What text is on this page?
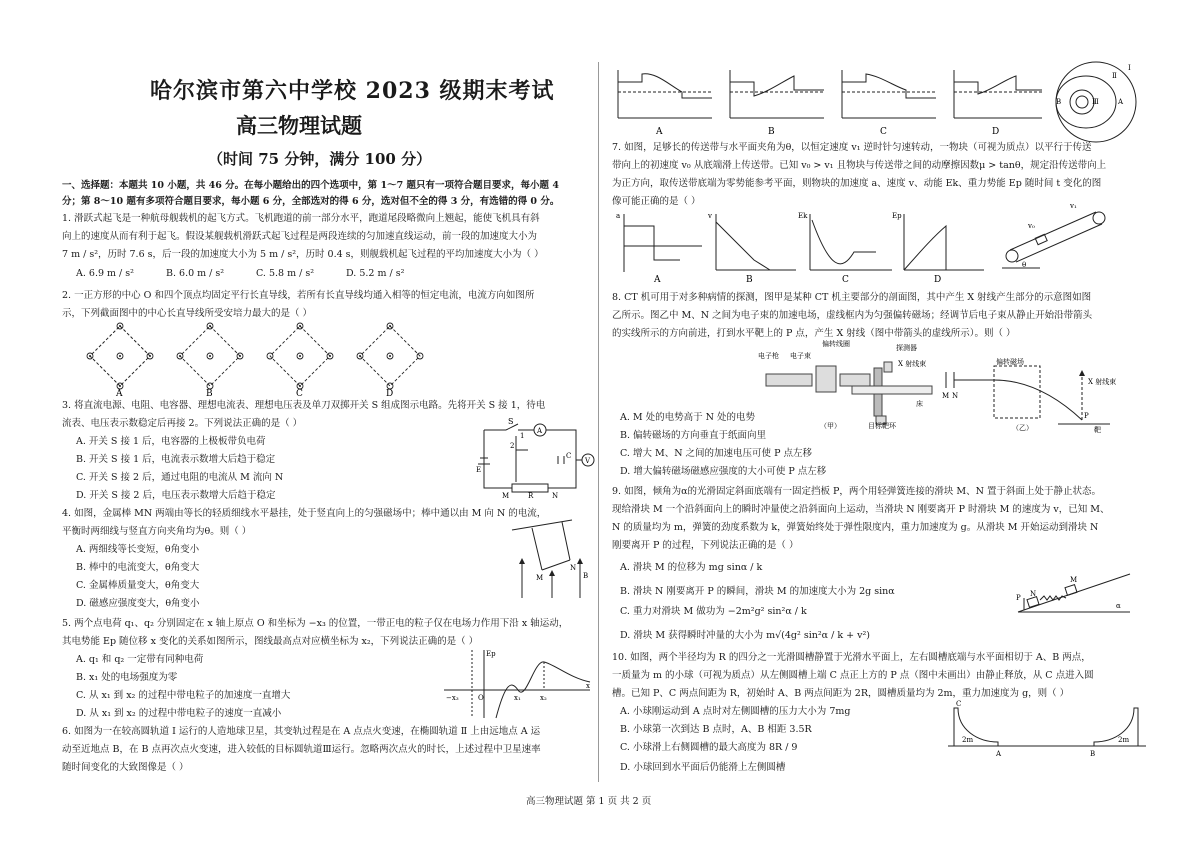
哈尔滨市第六中学校 2023 级期末考试
高三物理试题
（时间 75 分钟，满分 100 分）
一、选择题：本题共 10 小题，共 46 分。在每小题给出的四个选项中，第 1～7 题只有一项符合题目要求，每小题 4
分；第 8～10 题有多项符合题目要求，每小题 6 分，全部选对的得 6 分，选对但不全的得 3 分，有选错的得 0 分。
1. 滑跃式起飞是一种航母舰载机的起飞方式。飞机跑道的前一部分水平，跑道尾段略微向上翘起，能使飞机具有斜
向上的速度从而有利于起飞。假设某舰载机滑跃式起飞过程是两段连续的匀加速直线运动，前一段的加速度大小为
7 m / s²，历时 7.6 s，后一段的加速度大小为 5 m / s²，历时 0.4 s，则舰载机起飞过程的平均加速度大小为（ ）
A. 6.9 m / s²	B. 6.0 m / s²	C. 5.8 m / s²	D. 5.2 m / s²
2. 一正方形的中心 O 和四个顶点均固定平行长直导线，若所有长直导线均通入相等的恒定电流，电流方向如图所
示，下列截面图中的中心长直导线所受安培力最大的是（ ）
A	B	C	D
3. 将直流电源、电阻、电容器、理想电流表、理想电压表及单刀双掷开关 S 组成图示电路。先将开关 S 接 1，待电
流表、电压表示数稳定后再接 2。下列说法正确的是（ ）
A. 开关 S 接 1 后，电容器的上极板带负电荷
B. 开关 S 接 1 后，电流表示数增大后趋于稳定
C. 开关 S 接 2 后，通过电阻的电流从 M 流向 N
D. 开关 S 接 2 后，电压表示数增大后趋于稳定
S
1
2
A
E
C
V
M	R	N
4. 如图，金属棒 MN 两端由等长的轻质细线水平悬挂，处于竖直向上的匀强磁场中；棒中通以由 M 向 N 的电流，
平衡时两细线与竖直方向夹角均为θ。则（ ）
A. 两细线等长变短，θ角变小
B. 棒中的电流变大，θ角变大
C. 金属棒质量变大，θ角变大
D. 磁感应强度变大，θ角变小
M
N
B
5. 两个点电荷 q₁、q₂ 分别固定在 x 轴上原点 O 和坐标为 −x₃ 的位置，一带正电的粒子仅在电场力作用下沿 x 轴运动，
其电势能 Ep 随位移 x 变化的关系如图所示，图线最高点对应横坐标为 x₂，下列说法正确的是（ ）
A. q₁ 和 q₂ 一定带有同种电荷
B. x₁ 处的电场强度为零
C. 从 x₁ 到 x₂ 的过程中带电粒子的加速度一直增大
D. 从 x₁ 到 x₂ 的过程中带电粒子的速度一直减小
Ep
−x₃	O	x₁	x₂
x
6. 如图为一在较高圆轨道 Ⅰ 运行的人造地球卫星，其变轨过程是在 A 点点火变速，在椭圆轨道 Ⅱ 上由远地点 A 运
动至近地点 B，在 B 点再次点火变速，进入较低的目标圆轨道Ⅲ运行。忽略两次点火的时长，上述过程中卫星速率
随时间变化的大致图像是（ ）
A	B	C	D
Ⅰ
Ⅱ
Ⅲ	A
B
7. 如图，足够长的传送带与水平面夹角为θ，以恒定速度 v₁ 逆时针匀速转动，一物块（可视为质点）以平行于传送
带向上的初速度 v₀ 从底端滑上传送带。已知 v₀ > v₁ 且物块与传送带之间的动摩擦因数μ > tanθ，规定沿传送带向上
为正方向，取传送带底端为零势能参考平面，则物块的加速度 a、速度 v、动能 Ek、重力势能 Ep 随时间 t 变化的图
像可能正确的是（ ）
a	v	Ek	Ep
A	B	C	D
v₁
v₀
θ
8. CT 机可用于对多种病情的探测，图甲是某种 CT 机主要部分的剖面图，其中产生 X 射线产生部分的示意图如图
乙所示。图乙中 M、N 之间为电子束的加速电场，虚线框内为匀强偏转磁场；经调节后电子束从静止开始沿带箭头
的实线所示的方向前进，打到水平靶上的 P 点，产生 X 射线（图中带箭头的虚线所示）。则（ ）
A. M 处的电势高于 N 处的电势
B. 偏转磁场的方向垂直于纸面向里
C. 增大 M、N 之间的加速电压可使 P 点左移
D. 增大偏转磁场磁感应强度的大小可使 P 点左移
电子枪 电子束
偏转线圈	探测器
X 射线束
床
（甲）	目标靶环
偏转磁场
X 射线束
M N
P
（乙）	靶
9. 如图，倾角为α的光滑固定斜面底端有一固定挡板 P，两个用轻弹簧连接的滑块 M、N 置于斜面上处于静止状态。
现给滑块 M 一个沿斜面向上的瞬时冲量使之沿斜面向上运动，当滑块 N 刚要离开 P 时滑块 M 的速度为 v，已知 M、
N 的质量均为 m，弹簧的劲度系数为 k，弹簧始终处于弹性限度内，重力加速度为 g。从滑块 M 开始运动到滑块 N
刚要离开 P 的过程，下列说法正确的是（ ）
A. 滑块 M 的位移为 mg sinα / k
B. 滑块 N 刚要离开 P 的瞬间，滑块 M 的加速度大小为 2g sinα
C. 重力对滑块 M 做功为 −2m²g² sin²α / k
D. 滑块 M 获得瞬时冲量的大小为 m√(4g² sin²α / k + v²)
P N
M
α
10. 如图，两个半径均为 R 的四分之一光滑圆槽静置于光滑水平面上，左右圆槽底端与水平面相切于 A、B 两点，
一质量为 m 的小球（可视为质点）从左侧圆槽上端 C 点正上方的 P 点（图中未画出）由静止释放，从 C 点进入圆
槽。已知 P、C 两点间距为 R，初始时 A、B 两点间距为 2R，圆槽质量均为 2m，重力加速度为 g，则（ ）
A. 小球刚运动到 A 点时对左侧圆槽的压力大小为 7mg
B. 小球第一次到达 B 点时，A、B 相距 3.5R
C. 小球滑上右侧圆槽的最大高度为 8R / 9
D. 小球回到水平面后仍能滑上左侧圆槽
C
2m	2m
A	B
高三物理试题 第 1 页 共 2 页
